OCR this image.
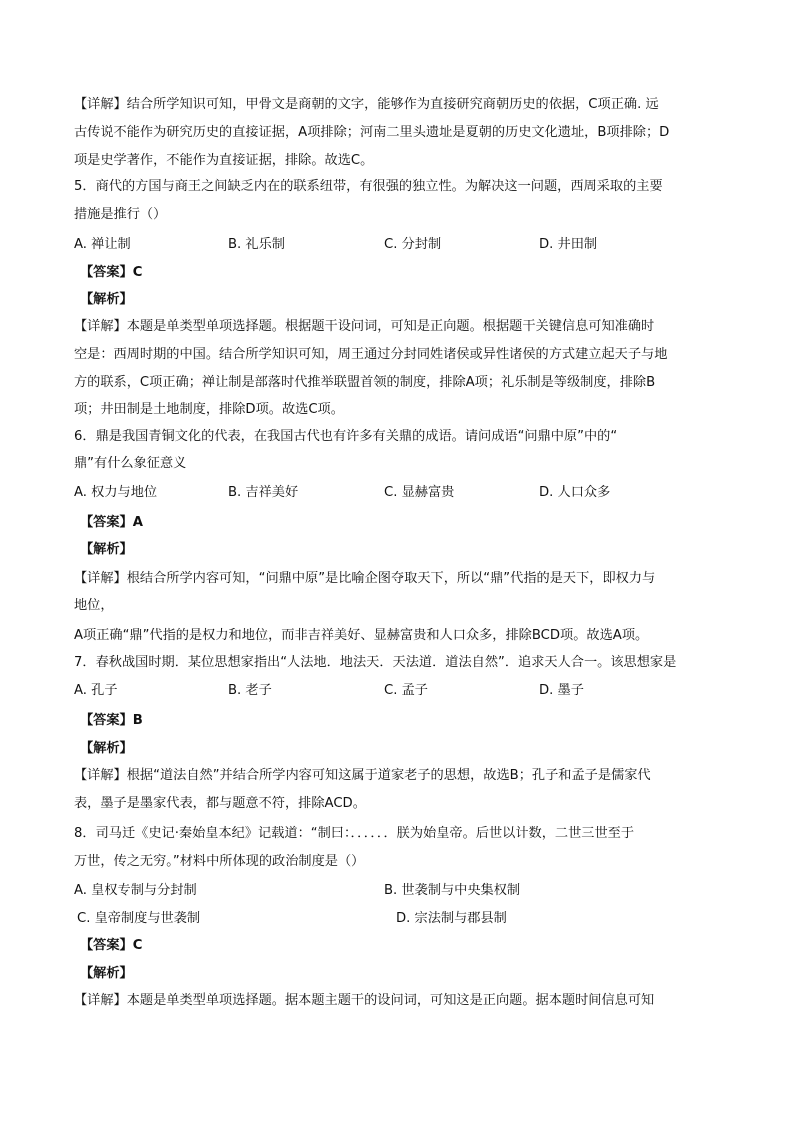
【详解】结合所学知识可知，甲骨文是商朝的文字，能够作为直接研究商朝历史的依据，C项正确. 远
古传说不能作为研究历史的直接证据，A项排除；河南二里头遗址是夏朝的历史文化遗址，B项排除；D
项是史学著作，不能作为直接证据，排除。故选C。
5．商代的方国与商王之间缺乏内在的联系纽带，有很强的独立性。为解决这一问题，西周采取的主要
措施是推行（）
A. 禅让制	B. 礼乐制	C. 分封制	D. 井田制
【答案】C
【解析】
【详解】本题是单类型单项选择题。根据题干设问词，可知是正向题。根据题干关键信息可知准确时
空是：西周时期的中国。结合所学知识可知，周王通过分封同姓诸侯或异性诸侯的方式建立起天子与地
方的联系，C项正确；禅让制是部落时代推举联盟首领的制度，排除A项；礼乐制是等级制度，排除B
项；井田制是土地制度，排除D项。故选C项。
6．鼎是我国青铜文化的代表，在我国古代也有许多有关鼎的成语。请问成语“问鼎中原”中的“
鼎”有什么象征意义
A. 权力与地位	B. 吉祥美好	C. 显赫富贵	D. 人口众多
【答案】A
【解析】
【详解】根结合所学内容可知，“问鼎中原”是比喻企图夺取天下，所以“鼎”代指的是天下，即权力与
地位，
A项正确“鼎”代指的是权力和地位，而非吉祥美好、显赫富贵和人口众多，排除BCD项。故选A项。
7．春秋战国时期．某位思想家指出“人法地．地法天．天法道．道法自然”．追求天人合一。该思想家是
A. 孔子	B. 老子	C. 孟子	D. 墨子
【答案】B
【解析】
【详解】根据“道法自然”并结合所学内容可知这属于道家老子的思想，故选B；孔子和孟子是儒家代
表，墨子是墨家代表，都与题意不符，排除ACD。
8．司马迁《史记·秦始皇本纪》记载道：“制曰：．．．．．．朕为始皇帝。后世以计数，二世三世至于
万世，传之无穷。”材料中所体现的政治制度是（）
A. 皇权专制与分封制	B. 世袭制与中央集权制
C. 皇帝制度与世袭制	D. 宗法制与郡县制
【答案】C
【解析】
【详解】本题是单类型单项选择题。据本题主题干的设问词，可知这是正向题。据本题时间信息可知
